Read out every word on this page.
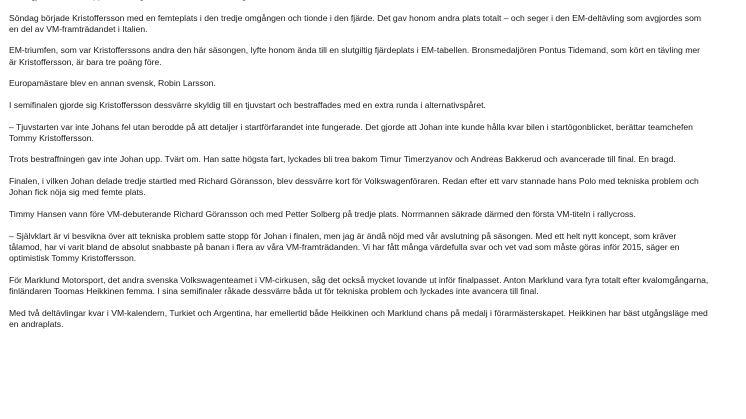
Söndag började Kristoffersson med en femteplats i den tredje omgången och tionde i den fjärde. Det gav honom andra plats totalt – och seger i den EM-deltävling som avgjordes som en del av VM-framträdandet i Italien.

EM-triumfen, som var Kristofferssons andra den här säsongen, lyfte honom ända till en slutgiltig fjärdeplats i EM-tabellen. Bronsmedaljören Pontus Tidemand, som kört en tävling mer är Kristoffersson, är bara tre poäng före.

Europamästare blev en annan svensk, Robin Larsson.

I semifinalen gjorde sig Kristoffersson dessvärre skyldig till en tjuvstart och bestraffades med en extra runda i alternativspåret.

– Tjuvstarten var inte Johans fel utan berodde på att detaljer i startförfarandet inte fungerade. Det gjorde att Johan inte kunde hålla kvar bilen i startögonblicket, berättar teamchefen Tommy Kristoffersson.

Trots bestraffningen gav inte Johan upp. Tvärt om. Han satte högsta fart, lyckades bli trea bakom Timur Timerzyanov och Andreas Bakkerud och avancerade till final. En bragd.

Finalen, i vilken Johan delade tredje startled med Richard Göransson, blev dessvärre kort för Volkswagenföraren. Redan efter ett varv stannade hans Polo med tekniska problem och Johan fick nöja sig med femte plats.

Timmy Hansen vann före VM-debuterande Richard Göransson och med Petter Solberg på tredje plats. Norrmannen säkrade därmed den första VM-titeln i rallycross.

– Självklart är vi besvikna över att tekniska problem satte stopp för Johan i finalen, men jag är ändå nöjd med vår avslutning på säsongen. Med ett helt nytt koncept, som kräver tålamod, har vi varit bland de absolut snabbaste på banan i flera av våra VM-framträdanden. Vi har fått många värdefulla svar och vet vad som måste göras inför 2015, säger en optimistisk Tommy Kristoffersson.

För Marklund Motorsport, det andra svenska Volkswagenteamet i VM-cirkusen, såg det också mycket lovande ut inför finalpasset. Anton Marklund vara fyra totalt efter kvalomgångarna, finländaren Toomas Heikkinen femma. I sina semifinaler råkade dessvärre båda ut för tekniska problem och lyckades inte avancera till final.

Med två deltävlingar kvar i VM-kalendern, Turkiet och Argentina, har emellertid både Heikkinen och Marklund chans på medalj i förarmästerskapet. Heikkinen har bäst utgångsläge med en andraplats.
